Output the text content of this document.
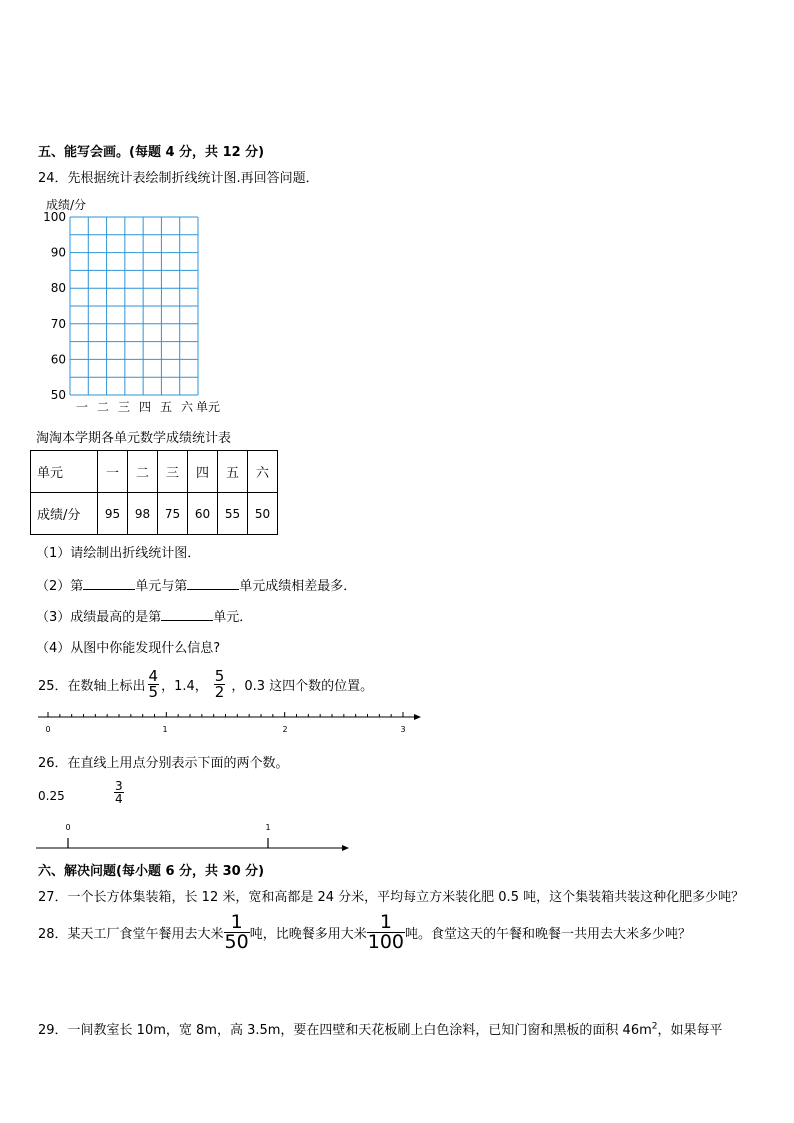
五、能写会画。(每题 4 分，共 12 分)
24．先根据统计表绘制折线统计图.再回答问题．
成绩/分
100
90
80
70
60
50
一 二 三 四 五 六 单元
淘淘本学期各单元数学成绩统计表
单元	一	二	三	四	五	六
成绩/分	95	98	75	60	55	50
（1）请绘制出折线统计图．
（2）第	单元与第	单元成绩相差最多．
（3）成绩最高的是第	单元．
（4）从图中你能发现什么信息?
25．在数轴上标出 $\frac{4}{5}$ ，1.4， $\frac{5}{2}$ ，0.3 这四个数的位置。
0	1	2	3
26．在直线上用点分别表示下面的两个数。
0.25	$\frac{3}{4}$
0	1
六、解决问题(每小题 6 分，共 30 分)
27．一个长方体集装箱，长 12 米，宽和高都是 24 分米，平均每立方米装化肥 0.5 吨，这个集装箱共装这种化肥多少吨？
28．某天工厂食堂午餐用去大米 $\frac{1}{50}$ 吨，比晚餐多用大米 $\frac{1}{100}$ 吨。食堂这天的午餐和晚餐一共用去大米多少吨？
29．一间教室长 10m，宽 8m，高 3.5m，要在四壁和天花板刷上白色涂料，已知门窗和黑板的面积 $46m^2$，如果每平
